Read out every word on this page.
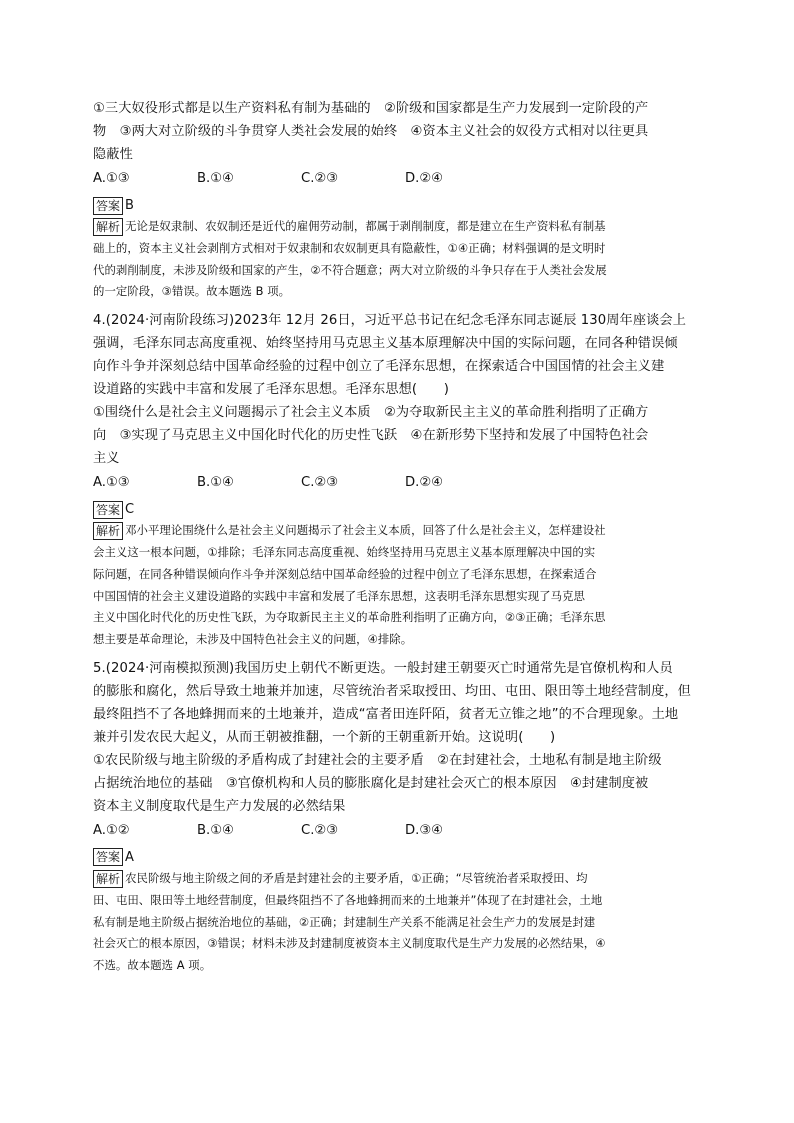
①三大奴役形式都是以生产资料私有制为基础的　②阶级和国家都是生产力发展到一定阶段的产
物　③两大对立阶级的斗争贯穿人类社会发展的始终　④资本主义社会的奴役方式相对以往更具
隐蔽性
A.①③	B.①④	C.②③	D.②④
答案 B
解析 无论是奴隶制、农奴制还是近代的雇佣劳动制，都属于剥削制度，都是建立在生产资料私有制基
础上的，资本主义社会剥削方式相对于奴隶制和农奴制更具有隐蔽性，①④正确；材料强调的是文明时
代的剥削制度，未涉及阶级和国家的产生，②不符合题意；两大对立阶级的斗争只存在于人类社会发展
的一定阶段，③错误。故本题选 B 项。
4.(2024·河南阶段练习)2023年 12月 26日，习近平总书记在纪念毛泽东同志诞辰 130周年座谈会上
强调，毛泽东同志高度重视、始终坚持用马克思主义基本原理解决中国的实际问题，在同各种错误倾
向作斗争并深刻总结中国革命经验的过程中创立了毛泽东思想，在探索适合中国国情的社会主义建
设道路的实践中丰富和发展了毛泽东思想。毛泽东思想(　　)
①围绕什么是社会主义问题揭示了社会主义本质　②为夺取新民主主义的革命胜利指明了正确方
向　③实现了马克思主义中国化时代化的历史性飞跃　④在新形势下坚持和发展了中国特色社会
主义
A.①③	B.①④	C.②③	D.②④
答案 C
解析 邓小平理论围绕什么是社会主义问题揭示了社会主义本质，回答了什么是社会主义，怎样建设社
会主义这一根本问题，①排除；毛泽东同志高度重视、始终坚持用马克思主义基本原理解决中国的实
际问题，在同各种错误倾向作斗争并深刻总结中国革命经验的过程中创立了毛泽东思想，在探索适合
中国国情的社会主义建设道路的实践中丰富和发展了毛泽东思想，这表明毛泽东思想实现了马克思
主义中国化时代化的历史性飞跃，为夺取新民主主义的革命胜利指明了正确方向，②③正确；毛泽东思
想主要是革命理论，未涉及中国特色社会主义的问题，④排除。
5.(2024·河南模拟预测)我国历史上朝代不断更迭。一般封建王朝要灭亡时通常先是官僚机构和人员
的膨胀和腐化，然后导致土地兼并加速，尽管统治者采取授田、均田、屯田、限田等土地经营制度，但
最终阻挡不了各地蜂拥而来的土地兼并，造成“富者田连阡陌，贫者无立锥之地”的不合理现象。土地
兼并引发农民大起义，从而王朝被推翻，一个新的王朝重新开始。这说明(　　)
①农民阶级与地主阶级的矛盾构成了封建社会的主要矛盾　②在封建社会，土地私有制是地主阶级
占据统治地位的基础　③官僚机构和人员的膨胀腐化是封建社会灭亡的根本原因　④封建制度被
资本主义制度取代是生产力发展的必然结果
A.①②	B.①④	C.②③	D.③④
答案 A
解析 农民阶级与地主阶级之间的矛盾是封建社会的主要矛盾，①正确；“尽管统治者采取授田、均
田、屯田、限田等土地经营制度，但最终阻挡不了各地蜂拥而来的土地兼并”体现了在封建社会，土地
私有制是地主阶级占据统治地位的基础，②正确；封建制生产关系不能满足社会生产力的发展是封建
社会灭亡的根本原因，③错误；材料未涉及封建制度被资本主义制度取代是生产力发展的必然结果，④
不选。故本题选 A 项。
